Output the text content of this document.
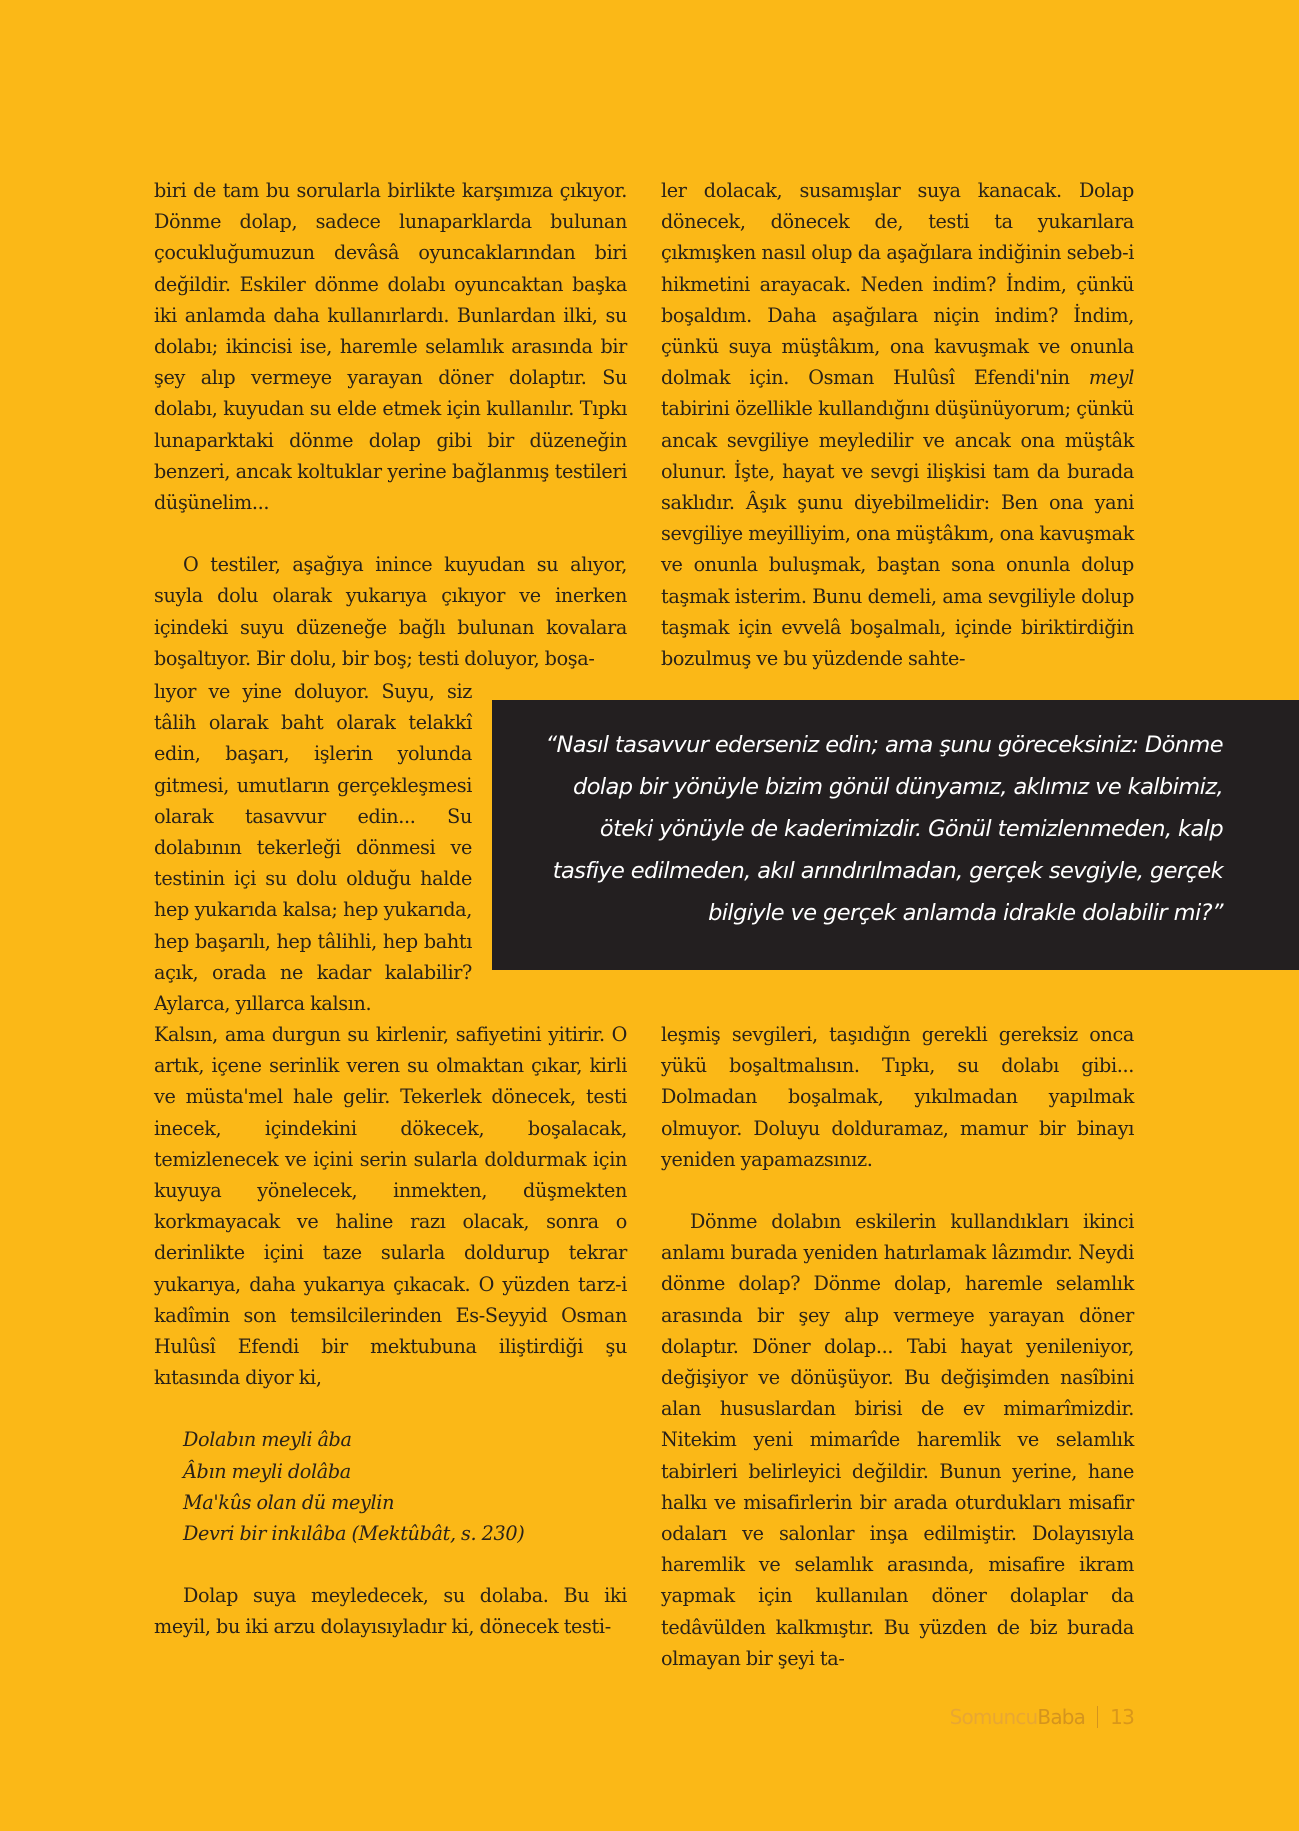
biri de tam bu sorularla birlikte karşımıza çıkıyor. Dönme dolap, sadece lunaparklarda bulunan çocukluğumuzun devâsâ oyuncaklarından biri değildir. Eskiler dönme dolabı oyuncaktan başka iki anlamda daha kullanırlardı. Bunlardan ilki, su dolabı; ikincisi ise, haremle selamlık arasında bir şey alıp vermeye yarayan döner dolaptır. Su dolabı, kuyudan su elde etmek için kullanılır. Tıpkı lunaparktaki dönme dolap gibi bir düzeneğin benzeri, ancak koltuklar yerine bağlanmış testileri düşünelim...

O testiler, aşağıya inince kuyudan su alıyor, suyla dolu olarak yukarıya çıkıyor ve inerken içindeki suyu düzeneğe bağlı bulunan kovalara boşaltıyor. Bir dolu, bir boş; testi doluyor, boşa-

lıyor ve yine doluyor. Suyu, siz tâlih olarak baht olarak telakkî edin, başarı, işlerin yolunda gitmesi, umutların gerçekleşmesi olarak tasavvur edin... Su dolabının tekerleği dönmesi ve testinin içi su dolu olduğu halde hep yukarıda kalsa; hep yukarıda, hep başarılı, hep tâlihli, hep bahtı açık, orada ne kadar kalabilir? Aylarca, yıllarca kalsın.

Kalsın, ama durgun su kirlenir, safiyetini yitirir. O artık, içene serinlik veren su olmaktan çıkar, kirli ve müsta'mel hale gelir. Tekerlek dönecek, testi inecek, içindekini dökecek, boşalacak, temizlenecek ve içini serin sularla doldurmak için kuyuya yönelecek, inmekten, düşmekten korkmayacak ve haline razı olacak, sonra o derinlikte içini taze sularla doldurup tekrar yukarıya, daha yukarıya çıkacak. O yüzden tarz-i kadîmin son temsilcilerinden Es-Seyyid Osman Hulûsî Efendi bir mektubuna iliştirdiği şu kıtasında diyor ki,

Dolabın meyli âba
Âbın meyli dolâba
Ma'kûs olan dü meylin
Devri bir inkılâba (Mektûbât, s. 230)

Dolap suya meyledecek, su dolaba. Bu iki meyil, bu iki arzu dolayısıyladır ki, dönecek testi-

ler dolacak, susamışlar suya kanacak. Dolap dönecek, dönecek de, testi ta yukarılara çıkmışken nasıl olup da aşağılara indiğinin sebeb-i hikmetini arayacak. Neden indim? İndim, çünkü boşaldım. Daha aşağılara niçin indim? İndim, çünkü suya müştâkım, ona kavuşmak ve onunla dolmak için. Osman Hulûsî Efendi'nin meyl tabirini özellikle kullandığını düşünüyorum; çünkü ancak sevgiliye meyledilir ve ancak ona müştâk olunur. İşte, hayat ve sevgi ilişkisi tam da burada saklıdır. Âşık şunu diyebilmelidir: Ben ona yani sevgiliye meyilliyim, ona müştâkım, ona kavuşmak ve onunla buluşmak, baştan sona onunla dolup taşmak isterim. Bunu demeli, ama sevgiliyle dolup taşmak için evvelâ boşalmalı, içinde biriktirdiğin bozulmuş ve bu yüzdende sahte-

“Nasıl tasavvur ederseniz edin; ama şunu göreceksiniz: Dönme
dolap bir yönüyle bizim gönül dünyamız, aklımız ve kalbimiz,
öteki yönüyle de kaderimizdir. Gönül temizlenmeden, kalp
tasfiye edilmeden, akıl arındırılmadan, gerçek sevgiyle, gerçek
bilgiyle ve gerçek anlamda idrakle dolabilir mi?”

leşmiş sevgileri, taşıdığın gerekli gereksiz onca yükü boşaltmalısın. Tıpkı, su dolabı gibi... Dolmadan boşalmak, yıkılmadan yapılmak olmuyor. Doluyu dolduramaz, mamur bir binayı yeniden yapamazsınız.

Dönme dolabın eskilerin kullandıkları ikinci anlamı burada yeniden hatırlamak lâzımdır. Neydi dönme dolap? Dönme dolap, haremle selamlık arasında bir şey alıp vermeye yarayan döner dolaptır. Döner dolap... Tabi hayat yenileniyor, değişiyor ve dönüşüyor. Bu değişimden nasîbini alan hususlardan birisi de ev mimarîmizdir. Nitekim yeni mimarîde haremlik ve selamlık tabirleri belirleyici değildir. Bunun yerine, hane halkı ve misafirlerin bir arada oturdukları misafir odaları ve salonlar inşa edilmiştir. Dolayısıyla haremlik ve selamlık arasında, misafire ikram yapmak için kullanılan döner dolaplar da tedâvülden kalkmıştır. Bu yüzden de biz burada olmayan bir şeyi ta-

SomuncuBaba 13
